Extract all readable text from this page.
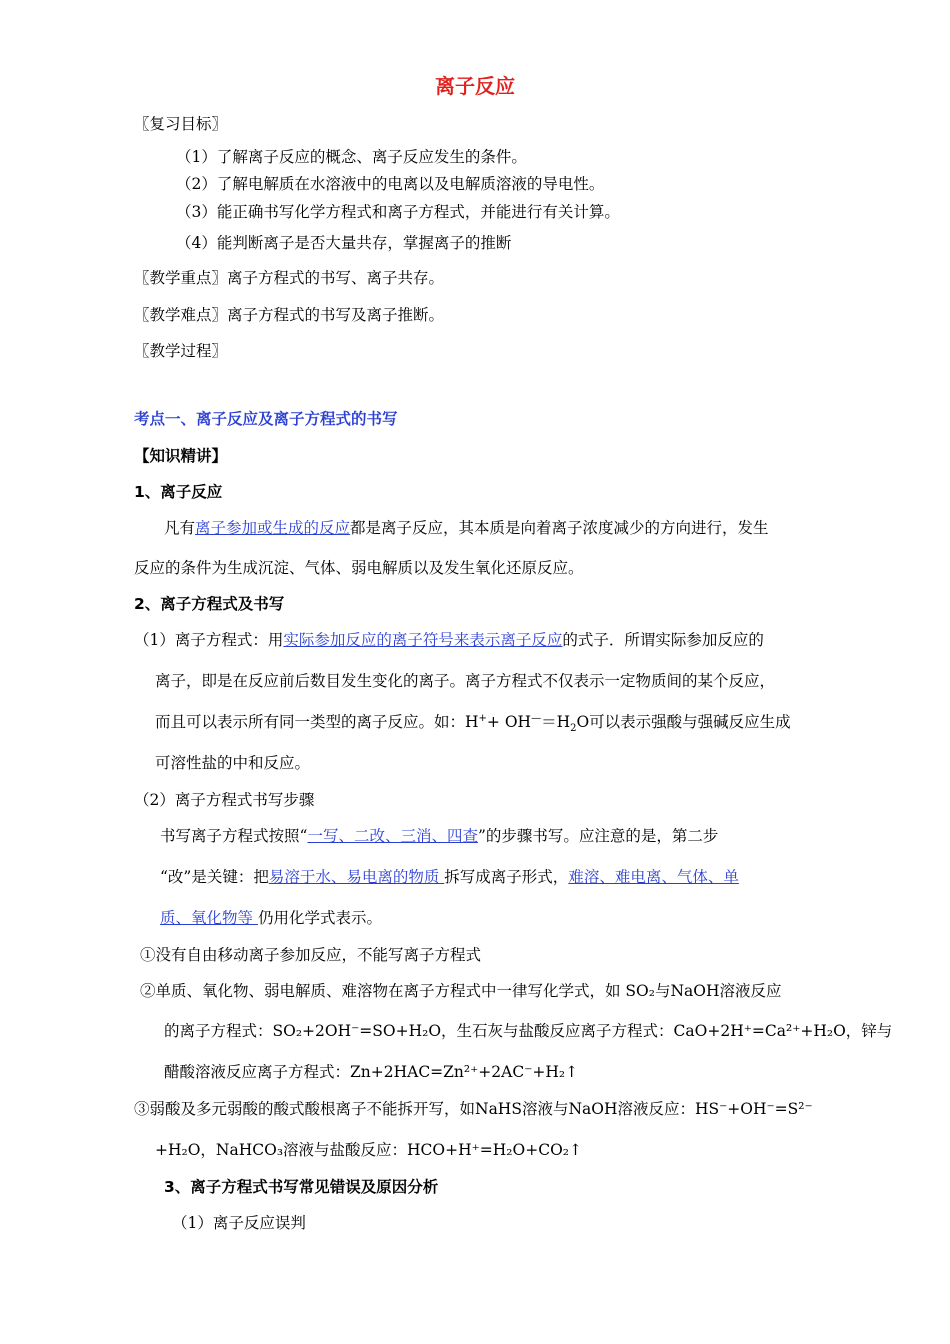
离子反应
〖复习目标〗
（1）了解离子反应的概念、离子反应发生的条件。
（2）了解电解质在水溶液中的电离以及电解质溶液的导电性。
（3）能正确书写化学方程式和离子方程式，并能进行有关计算。
（4）能判断离子是否大量共存，掌握离子的推断
〖教学重点〗离子方程式的书写、离子共存。
〖教学难点〗离子方程式的书写及离子推断。
〖教学过程〗
考点一、离子反应及离子方程式的书写
【知识精讲】
1、离子反应
凡有离子参加或生成的反应都是离子反应，其本质是向着离子浓度减少的方向进行，发生
反应的条件为生成沉淀、气体、弱电解质以及发生氧化还原反应。
2、离子方程式及书写
（1）离子方程式：用实际参加反应的离子符号来表示离子反应的式子．所谓实际参加反应的
离子，即是在反应前后数目发生变化的离子。离子方程式不仅表示一定物质间的某个反应，
而且可以表示所有同一类型的离子反应。如：$H^++ OH^—=H_2O$可以表示强酸与强碱反应生成
可溶性盐的中和反应。
（2）离子方程式书写步骤
书写离子方程式按照“一写、二改、三消、四查”的步骤书写。应注意的是，第二步
“改”是关键：把易溶于水、易电离的物质 拆写成离子形式，难溶、难电离、气体、单
质、氧化物等 仍用化学式表示。
①没有自由移动离子参加反应，不能写离子方程式
②单质、氧化物、弱电解质、难溶物在离子方程式中一律写化学式，如 SO₂与NaOH溶液反应
的离子方程式：SO₂+2OH⁻=SO+H₂O，生石灰与盐酸反应离子方程式：CaO+2H⁺=Ca²⁺+H₂O，锌与
醋酸溶液反应离子方程式：Zn+2HAC=Zn²⁺+2AC⁻+H₂↑
③弱酸及多元弱酸的酸式酸根离子不能拆开写，如NaHS溶液与NaOH溶液反应：HS⁻+OH⁻=S²⁻
+H₂O，NaHCO₃溶液与盐酸反应：HCO+H⁺=H₂O+CO₂↑
3、离子方程式书写常见错误及原因分析
（1）离子反应误判
